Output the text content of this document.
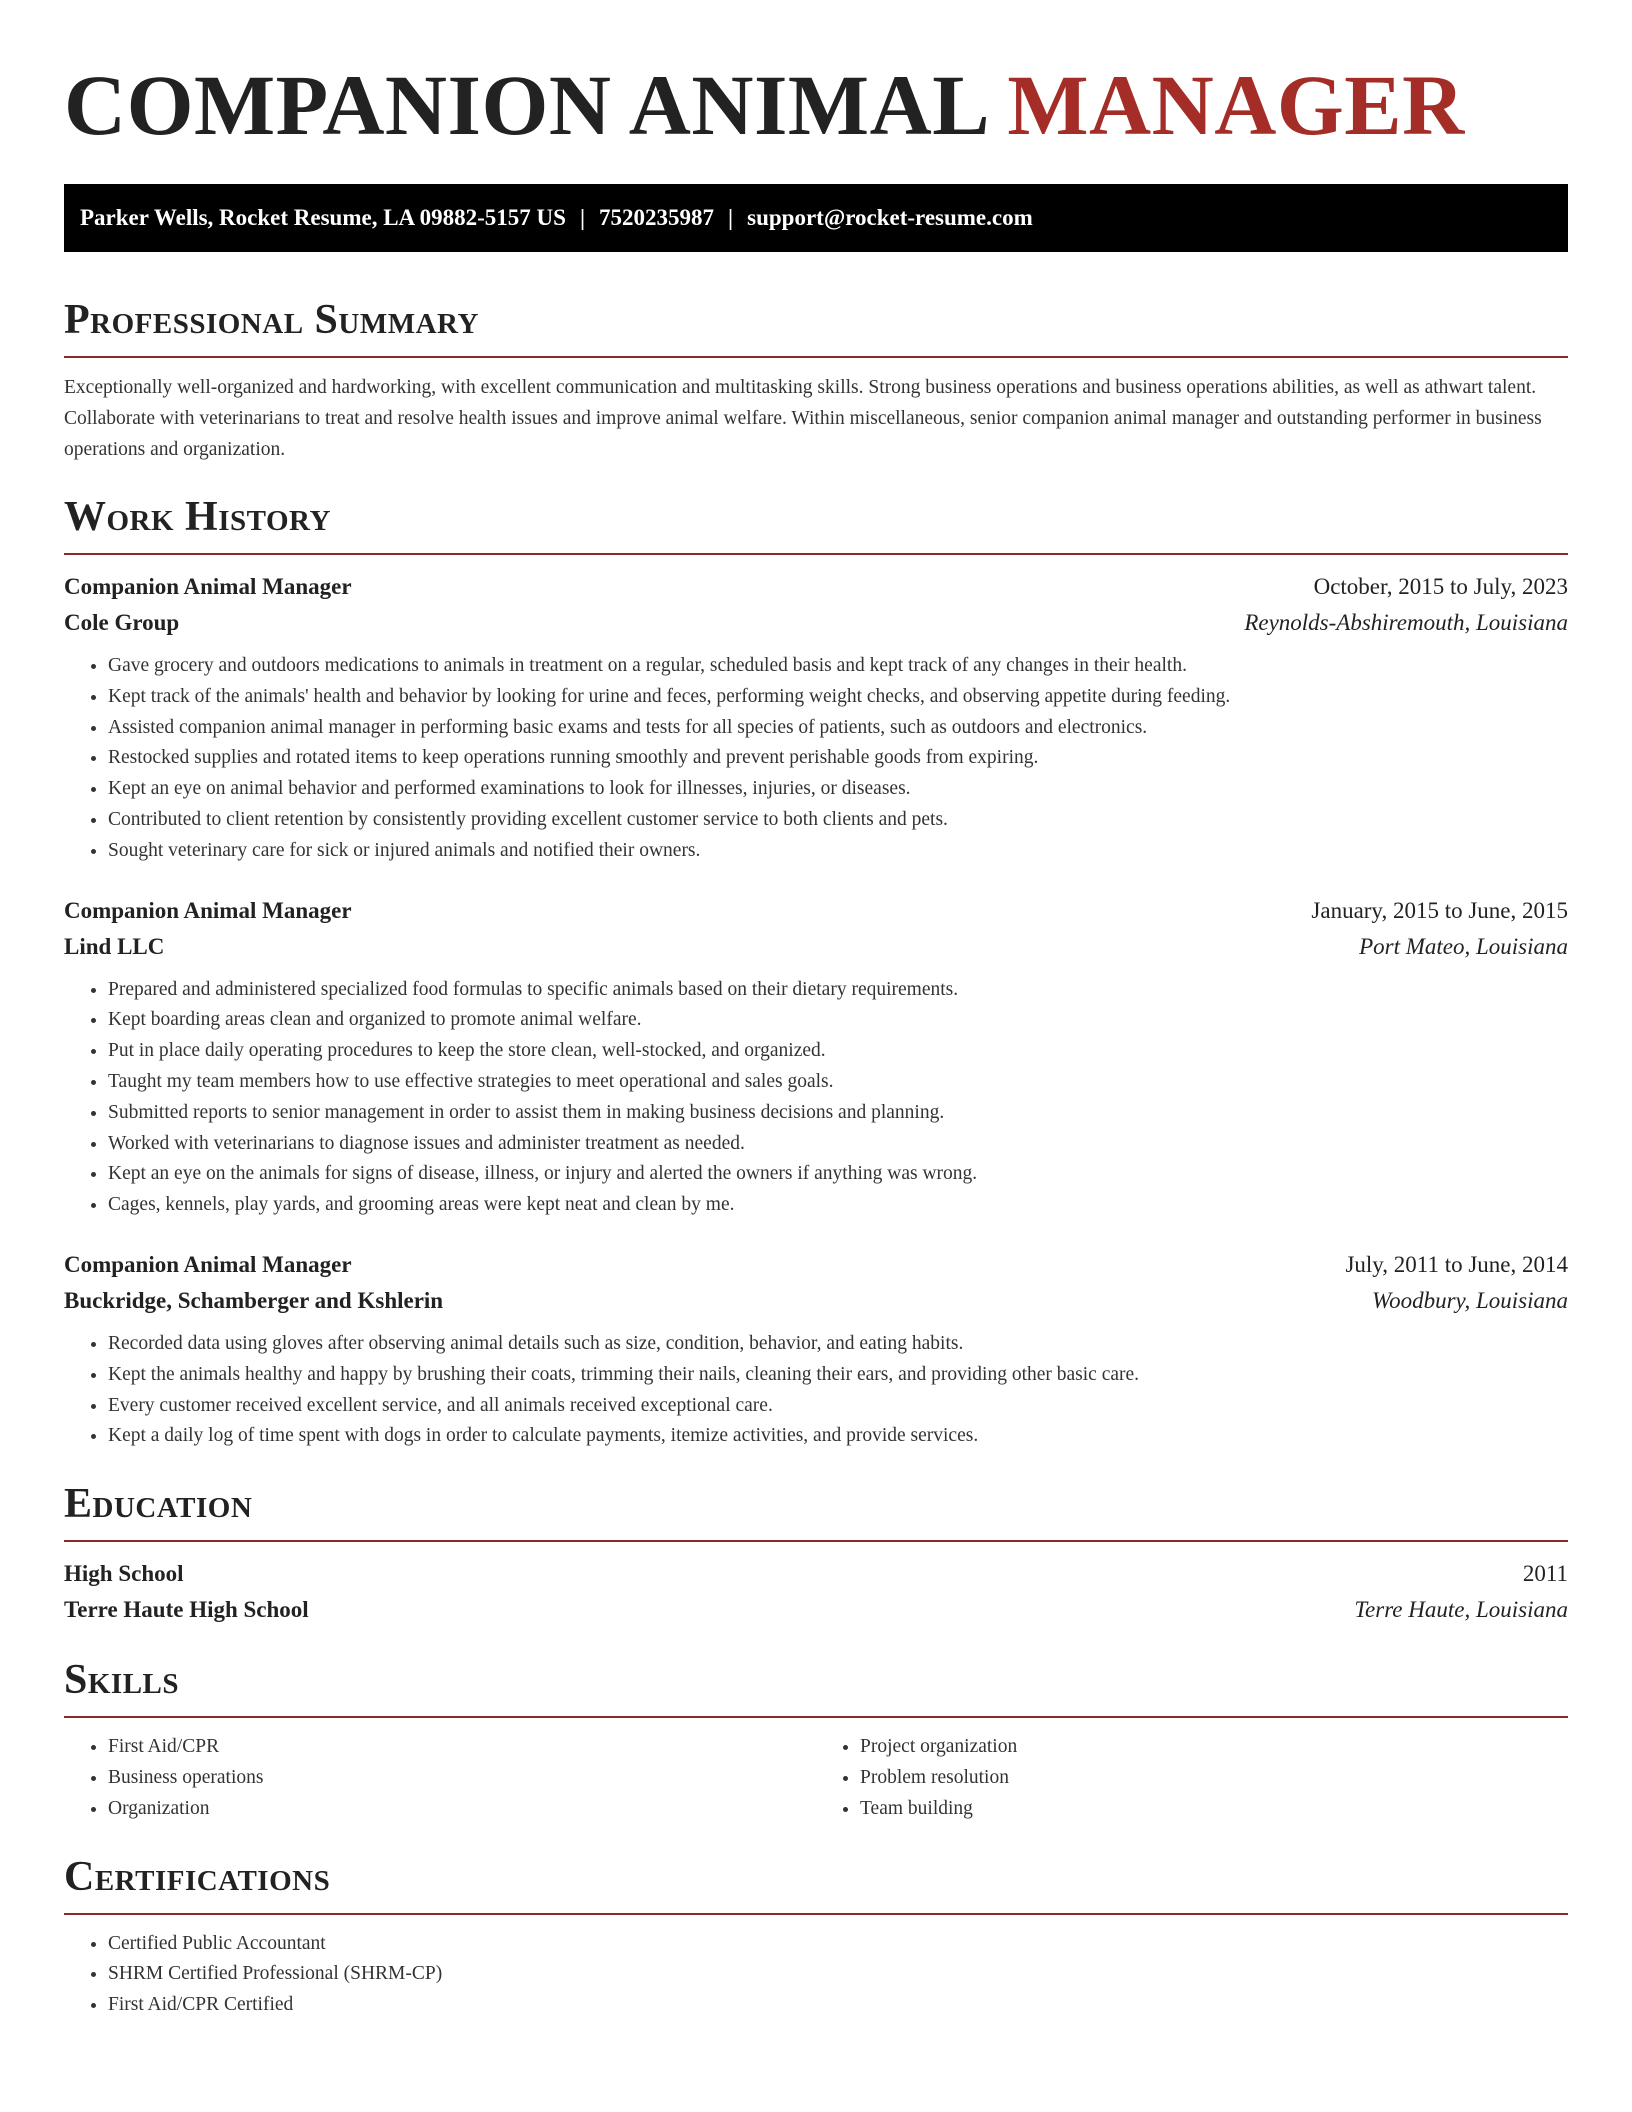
COMPANION ANIMAL MANAGER
Parker Wells, Rocket Resume, LA 09882-5157 US | 7520235987 | support@rocket-resume.com
Professional Summary

Exceptionally well-organized and hardworking, with excellent communication and multitasking skills. Strong business operations and business operations abilities, as well as athwart talent. Collaborate with veterinarians to treat and resolve health issues and improve animal welfare. Within miscellaneous, senior companion animal manager and outstanding performer in business operations and organization.

Work History
Companion Animal Manager	October, 2015 to July, 2023
Cole Group	Reynolds-Abshiremouth, Louisiana
• Gave grocery and outdoors medications to animals in treatment on a regular, scheduled basis and kept track of any changes in their health.
• Kept track of the animals' health and behavior by looking for urine and feces, performing weight checks, and observing appetite during feeding.
• Assisted companion animal manager in performing basic exams and tests for all species of patients, such as outdoors and electronics.
• Restocked supplies and rotated items to keep operations running smoothly and prevent perishable goods from expiring.
• Kept an eye on animal behavior and performed examinations to look for illnesses, injuries, or diseases.
• Contributed to client retention by consistently providing excellent customer service to both clients and pets.
• Sought veterinary care for sick or injured animals and notified their owners.
Companion Animal Manager	January, 2015 to June, 2015
Lind LLC	Port Mateo, Louisiana
• Prepared and administered specialized food formulas to specific animals based on their dietary requirements.
• Kept boarding areas clean and organized to promote animal welfare.
• Put in place daily operating procedures to keep the store clean, well-stocked, and organized.
• Taught my team members how to use effective strategies to meet operational and sales goals.
• Submitted reports to senior management in order to assist them in making business decisions and planning.
• Worked with veterinarians to diagnose issues and administer treatment as needed.
• Kept an eye on the animals for signs of disease, illness, or injury and alerted the owners if anything was wrong.
• Cages, kennels, play yards, and grooming areas were kept neat and clean by me.
Companion Animal Manager	July, 2011 to June, 2014
Buckridge, Schamberger and Kshlerin	Woodbury, Louisiana
• Recorded data using gloves after observing animal details such as size, condition, behavior, and eating habits.
• Kept the animals healthy and happy by brushing their coats, trimming their nails, cleaning their ears, and providing other basic care.
• Every customer received excellent service, and all animals received exceptional care.
• Kept a daily log of time spent with dogs in order to calculate payments, itemize activities, and provide services.
Education
High School	2011
Terre Haute High School	Terre Haute, Louisiana
Skills
• First Aid/CPR
• Business operations
• Organization
• Project organization
• Problem resolution
• Team building
Certifications
• Certified Public Accountant
• SHRM Certified Professional (SHRM-CP)
• First Aid/CPR Certified
